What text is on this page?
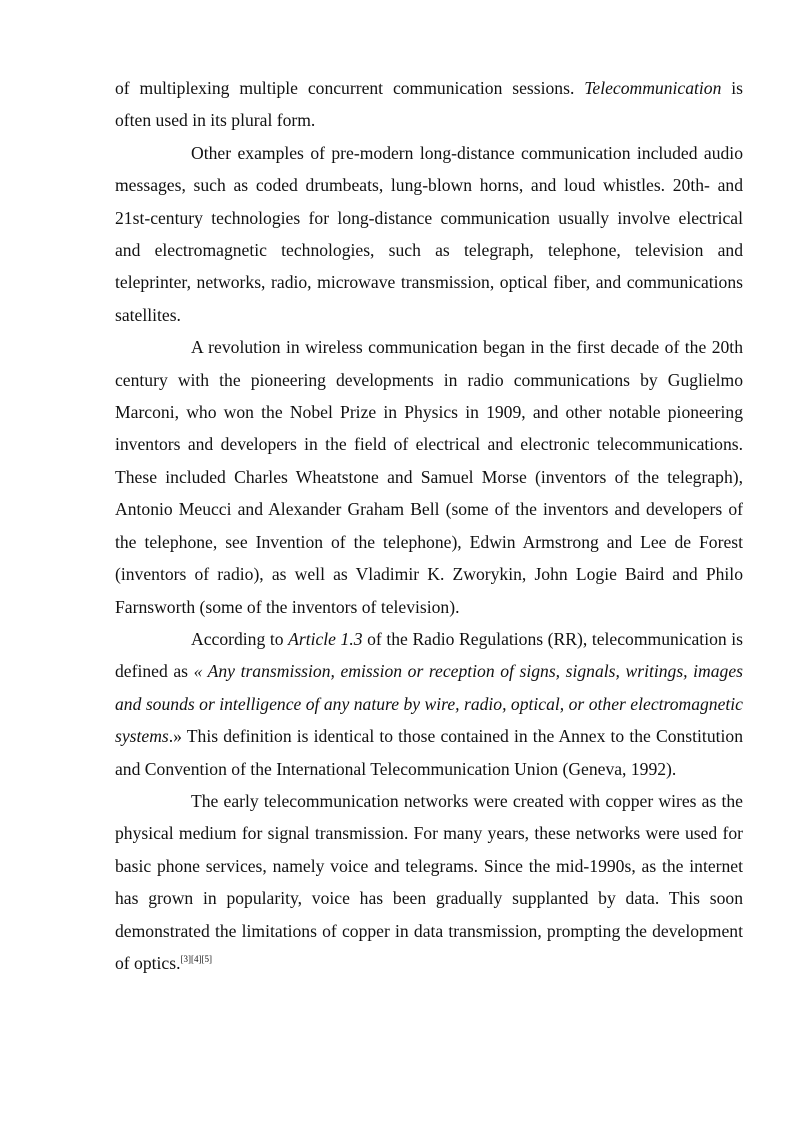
of multiplexing multiple concurrent communication sessions. Telecommunication is often used in its plural form.

Other examples of pre-modern long-distance communication included audio messages, such as coded drumbeats, lung-blown horns, and loud whistles. 20th- and 21st-century technologies for long-distance communication usually involve electrical and electromagnetic technologies, such as telegraph, telephone, television and teleprinter, networks, radio, microwave transmission, optical fiber, and communications satellites.

A revolution in wireless communication began in the first decade of the 20th century with the pioneering developments in radio communications by Guglielmo Marconi, who won the Nobel Prize in Physics in 1909, and other notable pioneering inventors and developers in the field of electrical and electronic telecommunications. These included Charles Wheatstone and Samuel Morse (inventors of the telegraph), Antonio Meucci and Alexander Graham Bell (some of the inventors and developers of the telephone, see Invention of the telephone), Edwin Armstrong and Lee de Forest (inventors of radio), as well as Vladimir K. Zworykin, John Logie Baird and Philo Farnsworth (some of the inventors of television).

According to Article 1.3 of the Radio Regulations (RR), telecommunication is defined as « Any transmission, emission or reception of signs, signals, writings, images and sounds or intelligence of any nature by wire, radio, optical, or other electromagnetic systems.» This definition is identical to those contained in the Annex to the Constitution and Convention of the International Telecommunication Union (Geneva, 1992).

The early telecommunication networks were created with copper wires as the physical medium for signal transmission. For many years, these networks were used for basic phone services, namely voice and telegrams. Since the mid-1990s, as the internet has grown in popularity, voice has been gradually supplanted by data. This soon demonstrated the limitations of copper in data transmission, prompting the development of optics.[3][4][5]
